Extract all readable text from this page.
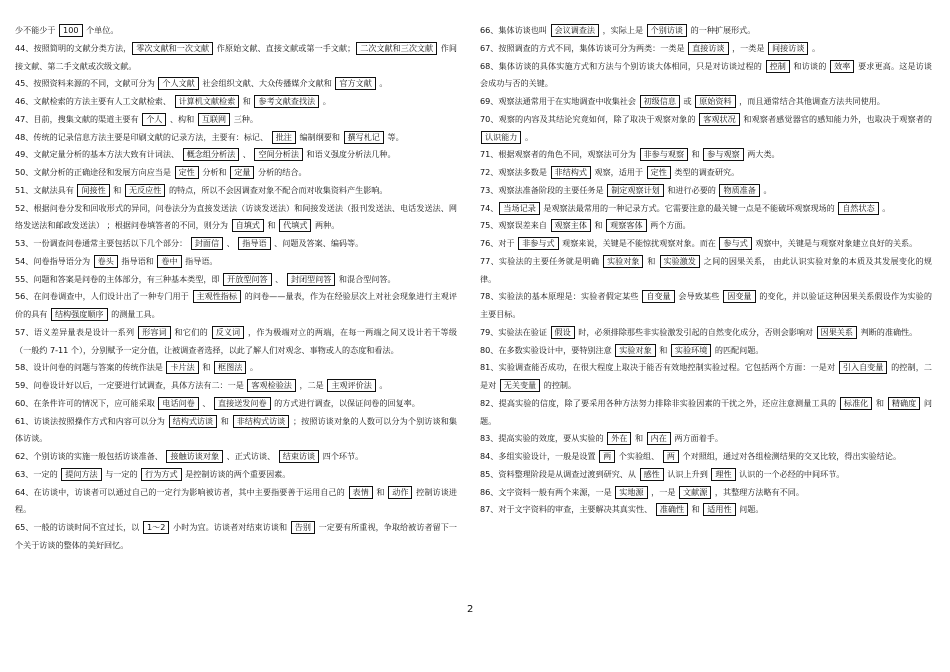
少不能少于 100 个单位。
44、按照简明的文献分类方法， 零次文献和一次文献 作原始文献、直接文献或第一手文献； 二次文献和三次文献 作间接文献、第二手文献或次级文献。
45、按照资料来源的不同，文献可分为 个人文献 社会组织文献、大众传播媒介文献和 官方文献 。
46、文献检索的方法主要有人工文献检索、 计算机文献检索 和 参考文献查找法 。
47、目前，搜集文献的渠道主要有 个人 、构和 互联网 三种。
48、传统的记录信息方法主要是印刷文献的记录方法，主要有：标记、 批注 编制纲要和 撰写札记 等。
49、文献定量分析的基本方法大致有计词法、 概念组分析法 、 空间分析法 和语义强度分析法几种。
50、文献分析的正确途径和发展方向应当是 定性 分析和 定量 分析的结合。
51、文献法具有 间接性 和 无反应性 的特点，所以不会因调查对象不配合而对收集资料产生影响。
52、根据问卷分发和回收形式的异同，问卷法分为直接发送法（访谈发送法）和间接发送法（报刊发送法、电话发送法、网络发送法和邮政发送法） ；根据问卷填答者的不同，则分为 自填式 和 代填式 两种。
53、一份调查问卷通常主要包括以下几个部分： 封面信 、 指导语 、问题及答案、编码等。
54、问卷指导语分为 卷头 指导语和 卷中 指导语。
55、问题和答案是问卷的主体部分，有三种基本类型，即 开放型问答 、 封闭型问答 和混合型问答。
56、在问卷调查中，人们设计出了一种专门用于 主观性指标 的问卷——量表，作为在经验层次上对社会现象进行主观评价的具有 结构强度顺序 的测量工具。
57、语义差异量表是设计一系列 形容词 和它们的 反义词 ，作为极端对立的两端，在每一两端之间又设计若干等级（一般约 7-11 个），分别赋予一定分值，让被调查者选择，以此了解人们对观念、事物或人的态度和看法。
58、设计问卷的问题与答案的传统作法是 卡片法 和 框图法 。
59、问卷设计好以后，一定要进行试调查，具体方法有二：一是 客观检验法 ，二是 主观评价法 。
60、在条件许可的情况下，应可能采取 电话问卷 、 直接送发问卷 的方式进行调查，以保证问卷的回复率。
61、访谈法按照操作方式和内容可以分为 结构式访谈 和 非结构式访谈 ；按照访谈对象的人数可以分为个别访谈和集体访谈。
62、个别访谈的实施一般包括访谈准备、 接触访谈对象 、正式访谈、 结束访谈 四个环节。
63、一定的 提问方法 与一定的 行为方式 是控制访谈的两个重要因素。
64、在访谈中，访谈者可以通过自己的一定行为影响被访者，其中主要指要善于运用自己的 表情 和 动作 控制访谈进程。
65、一般的访谈时间不宜过长，以 1～2 小时为宜。访谈者对结束访谈和 告别 一定要有所重视，争取给被访者留下一个关于访谈的整体的美好回忆。
66、集体访谈也叫 会议调查法 ，实际上是 个别访谈 的一种扩展形式。
67、按照调查的方式不同，集体访谈可分为两类：一类是 直接访谈 ，一类是 间接访谈 。
68、集体访谈的具体实施方式和方法与个别访谈大体相同，只是对访谈过程的 控制 和访谈的 效率 要求更高。这是访谈会成功与否的关键。
69、观察法通常用于在实地调查中收集社会 初级信息 或 原始资料 ，而且通常结合其他调查方法共同使用。
70、观察的内容及其结论究竟如何，除了取决于观察对象的 客观状况 和观察者感觉器官的感知能力外，也取决于观察者的 认识能力 。
71、根据观察者的角色不同，观察法可分为 非参与观察 和 参与观察 两大类。
72、观察法多数是 非结构式 观察，适用于 定性 类型的调查研究。
73、观察法准备阶段的主要任务是 制定观察计划 和进行必要的 物质准备 。
74、 当场记录 是观察法最常用的一种记录方式。它需要注意的最关键一点是不能破坏观察现场的 自然状态 。
75、观察误差来自 观察主体 和 观察客体 两个方面。
76、对于 非参与式 观察来说，关键是不能惊扰观察对象。而在 参与式 观察中，关键是与观察对象建立良好的关系。
77、实验法的主要任务就是明确 实验对象 和 实验激发 之间的因果关系， 由此认识实验对象的本质及其发展变化的规律。
78、实验法的基本原理是：实验者假定某些 自变量 会导致某些 因变量 的变化，并以验证这种因果关系假设作为实验的主要目标。
79、实验法在验证 假设 时，必须排除那些非实验激发引起的自然变化成分，否则会影响对 因果关系 判断的准确性。
80、在多数实验设计中，要特别注意 实验对象 和 实验环境 的匹配问题。
81、实验调查能否成功，在很大程度上取决于能否有效地控制实验过程。它包括两个方面：一是对 引入自变量 的控制，二是对 无关变量 的控制。
82、提高实验的信度，除了要采用各种方法努力排除非实验因素的干扰之外，还应注意测量工具的 标准化 和 精确度 问题。
83、提高实验的效度，要从实验的 外在 和 内在 两方面着手。
84、多组实验设计，一般是设置 两 个实验组、 两 个对照组，通过对各组检测结果的交叉比较，得出实验结论。
85、资料整理阶段是从调查过渡到研究、从 感性 认识上升到 理性 认识的一个必经的中间环节。
86、文字资料一般有两个来源，一是 实地源 ，一是 文献源 ，其整理方法略有不同。
87、对于文字资料的审查，主要解决其真实性、 准确性 和 适用性 问题。
2
